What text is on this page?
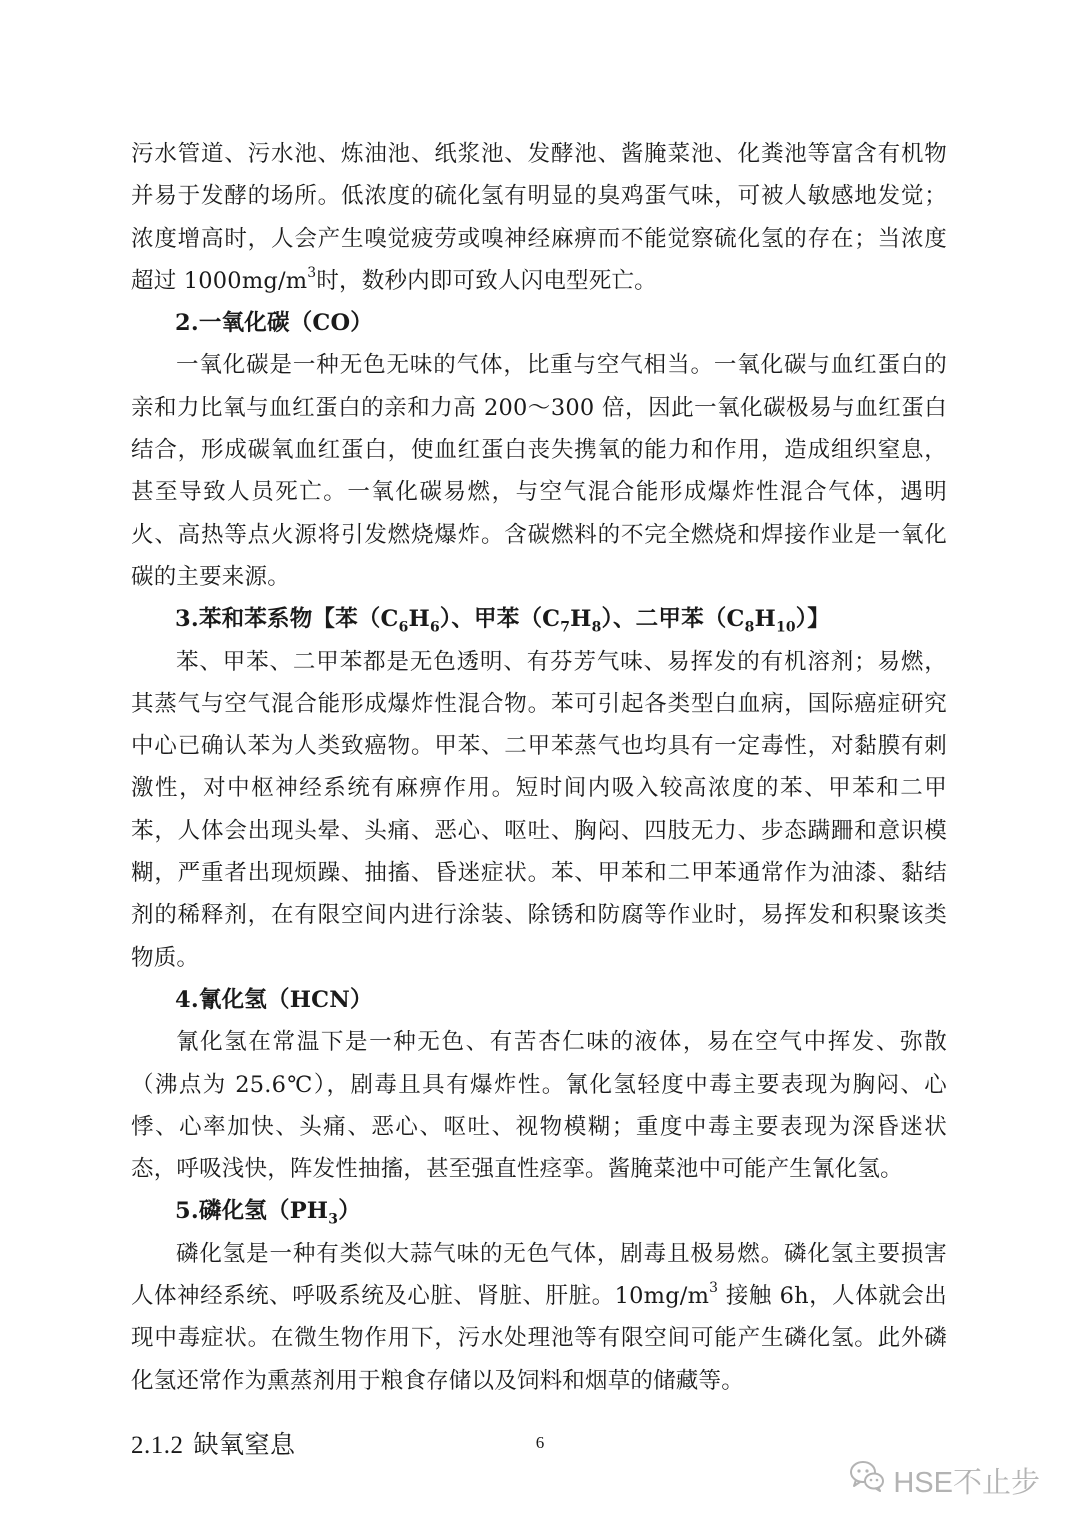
污水管道、污水池、炼油池、纸浆池、发酵池、酱腌菜池、化粪池等富含有机物并易于发酵的场所。低浓度的硫化氢有明显的臭鸡蛋气味，可被人敏感地发觉；浓度增高时，人会产生嗅觉疲劳或嗅神经麻痹而不能觉察硫化氢的存在；当浓度超过 $1000mg/m^3$时，数秒内即可致人闪电型死亡。

2.一氧化碳（CO）

一氧化碳是一种无色无味的气体，比重与空气相当。一氧化碳与血红蛋白的亲和力比氧与血红蛋白的亲和力高 200～300 倍，因此一氧化碳极易与血红蛋白结合，形成碳氧血红蛋白，使血红蛋白丧失携氧的能力和作用，造成组织窒息，甚至导致人员死亡。一氧化碳易燃，与空气混合能形成爆炸性混合气体，遇明火、高热等点火源将引发燃烧爆炸。含碳燃料的不完全燃烧和焊接作业是一氧化碳的主要来源。

3.苯和苯系物【苯$(C_6H_6)$、甲苯$(C_7H_8)$、二甲苯$(C_8H_{10})$】

苯、甲苯、二甲苯都是无色透明、有芬芳气味、易挥发的有机溶剂；易燃，其蒸气与空气混合能形成爆炸性混合物。苯可引起各类型白血病，国际癌症研究中心已确认苯为人类致癌物。甲苯、二甲苯蒸气也均具有一定毒性，对黏膜有刺激性，对中枢神经系统有麻痹作用。短时间内吸入较高浓度的苯、甲苯和二甲苯，人体会出现头晕、头痛、恶心、呕吐、胸闷、四肢无力、步态蹒跚和意识模糊，严重者出现烦躁、抽搐、昏迷症状。苯、甲苯和二甲苯通常作为油漆、黏结剂的稀释剂，在有限空间内进行涂装、除锈和防腐等作业时，易挥发和积聚该类物质。

4.氰化氢（HCN）

氰化氢在常温下是一种无色、有苦杏仁味的液体，易在空气中挥发、弥散（沸点为 25.6℃），剧毒且具有爆炸性。氰化氢轻度中毒主要表现为胸闷、心悸、心率加快、头痛、恶心、呕吐、视物模糊；重度中毒主要表现为深昏迷状态，呼吸浅快，阵发性抽搐，甚至强直性痉挛。酱腌菜池中可能产生氰化氢。

5.磷化氢$(PH_3)$

磷化氢是一种有类似大蒜气味的无色气体，剧毒且极易燃。磷化氢主要损害人体神经系统、呼吸系统及心脏、肾脏、肝脏。$10mg/m^3$ 接触 6h，人体就会出现中毒症状。在微生物作用下，污水处理池等有限空间可能产生磷化氢。此外磷化氢还常作为熏蒸剂用于粮食存储以及饲料和烟草的储藏等。

2.1.2 缺氧窒息	6
HSE不止步
